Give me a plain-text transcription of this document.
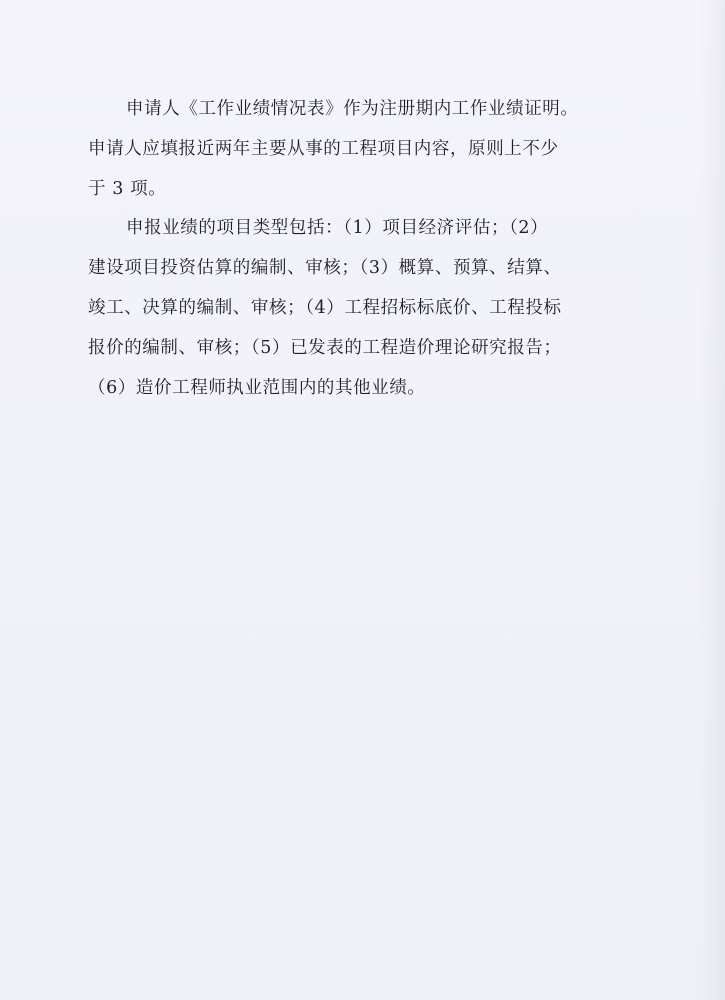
申请人《工作业绩情况表》作为注册期内工作业绩证明。

申请人应填报近两年主要从事的工程项目内容，原则上不少

于 3 项。

申报业绩的项目类型包括：（1）项目经济评估；（2）

建设项目投资估算的编制、审核；（3）概算、预算、结算、

竣工、决算的编制、审核；（4）工程招标标底价、工程投标

报价的编制、审核；（5）已发表的工程造价理论研究报告；

（6）造价工程师执业范围内的其他业绩。
